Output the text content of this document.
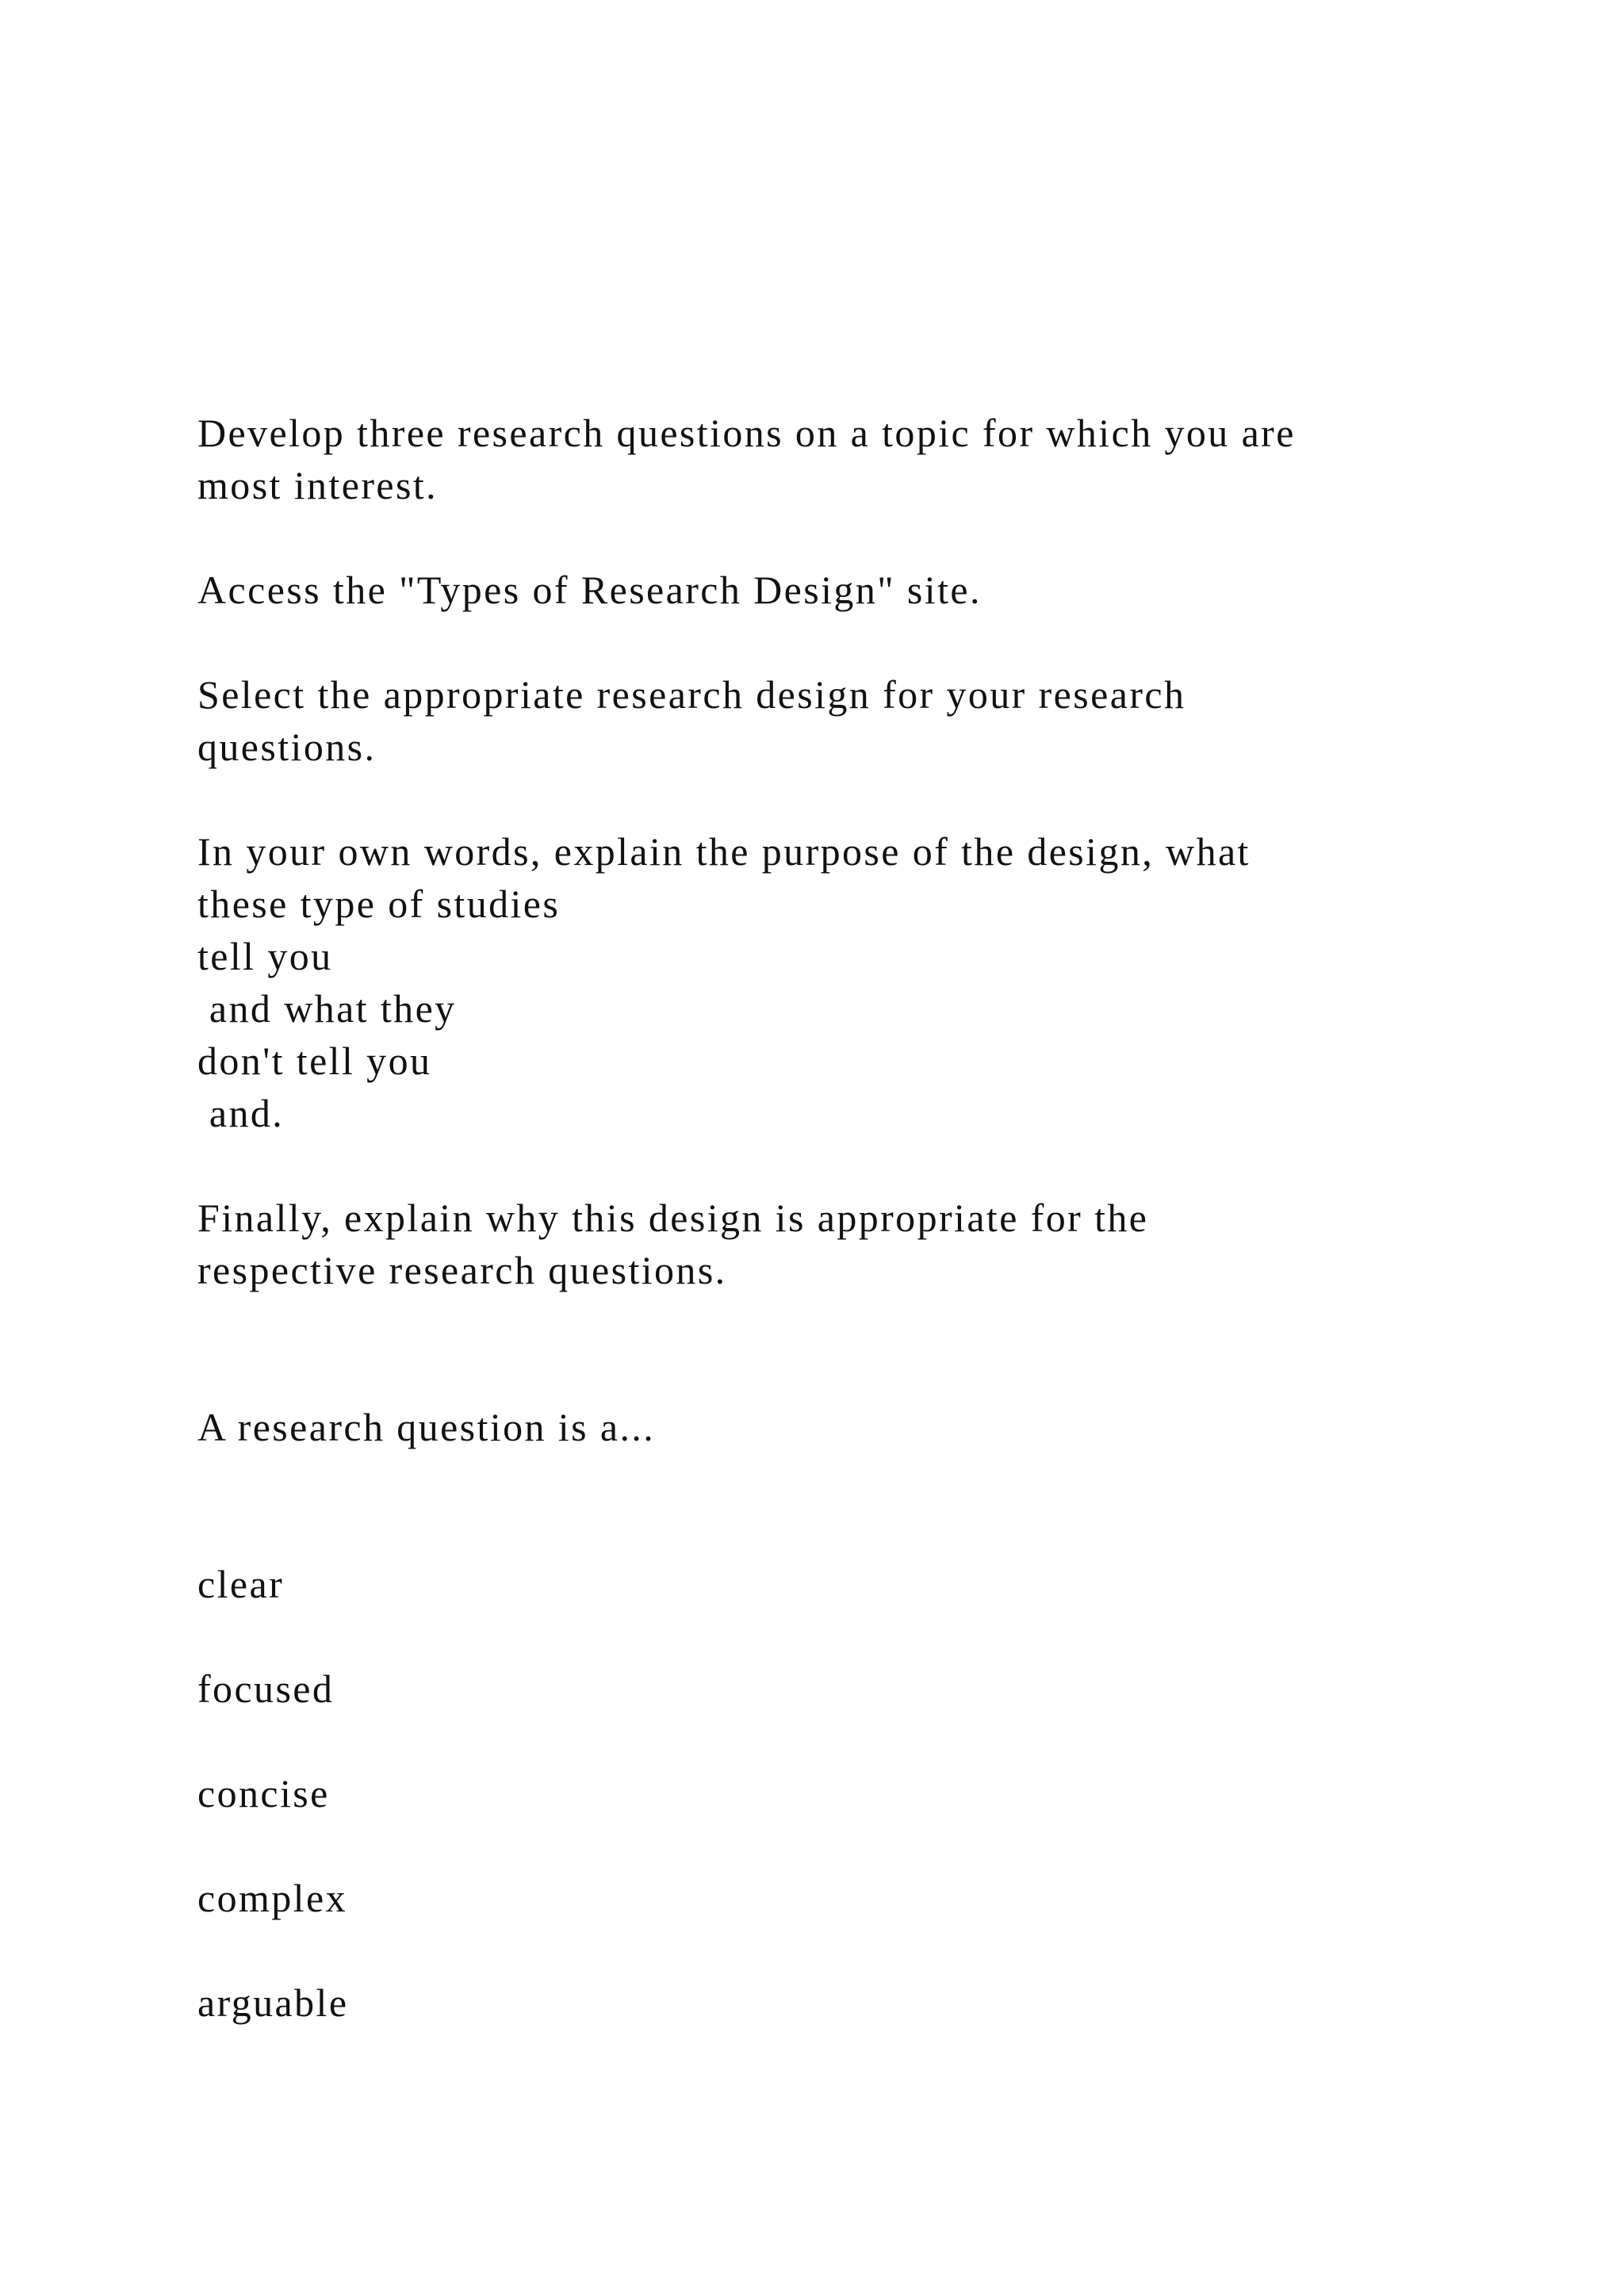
Develop three research questions on a topic for which you are

most interest.

Access the "Types of Research Design" site.

Select the appropriate research design for your research

questions.

In your own words, explain the purpose of the design, what

these type of studies

tell you

and what they

don't tell you

and.

Finally, explain why this design is appropriate for the

respective research questions.

A research question is a...

clear

focused

concise

complex

arguable
